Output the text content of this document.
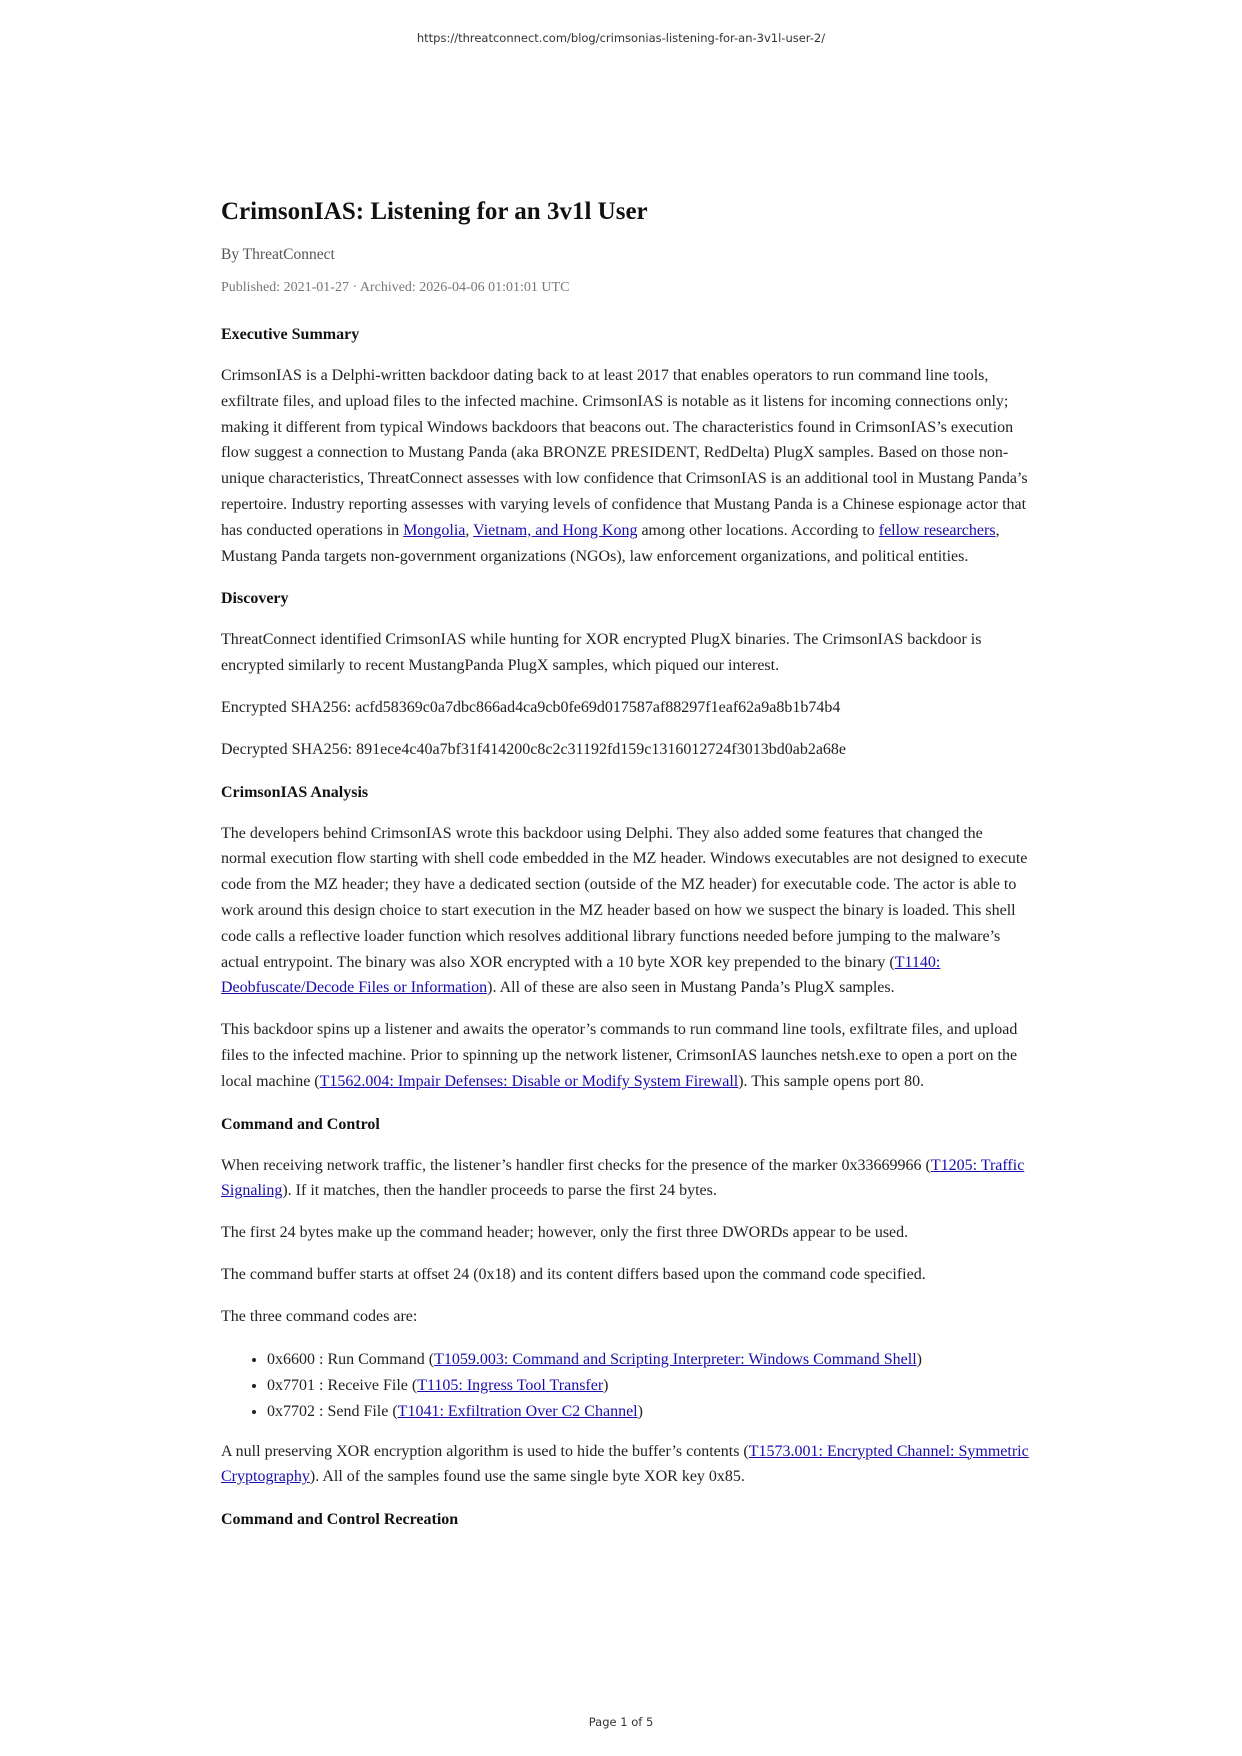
https://threatconnect.com/blog/crimsonias-listening-for-an-3v1l-user-2/
CrimsonIAS: Listening for an 3v1l User
By ThreatConnect
Published: 2021-01-27 · Archived: 2026-04-06 01:01:01 UTC
Executive Summary

CrimsonIAS is a Delphi-written backdoor dating back to at least 2017 that enables operators to run command line tools, exfiltrate files, and upload files to the infected machine. CrimsonIAS is notable as it listens for incoming connections only; making it different from typical Windows backdoors that beacons out. The characteristics found in CrimsonIAS’s execution flow suggest a connection to Mustang Panda (aka BRONZE PRESIDENT, RedDelta) PlugX samples. Based on those non-unique characteristics, ThreatConnect assesses with low confidence that CrimsonIAS is an additional tool in Mustang Panda’s repertoire. Industry reporting assesses with varying levels of confidence that Mustang Panda is a Chinese espionage actor that has conducted operations in Mongolia, Vietnam, and Hong Kong among other locations. According to fellow researchers, Mustang Panda targets non-government organizations (NGOs), law enforcement organizations, and political entities.

Discovery

ThreatConnect identified CrimsonIAS while hunting for XOR encrypted PlugX binaries. The CrimsonIAS backdoor is encrypted similarly to recent MustangPanda PlugX samples, which piqued our interest.

Encrypted SHA256: acfd58369c0a7dbc866ad4ca9cb0fe69d017587af88297f1eaf62a9a8b1b74b4

Decrypted SHA256: 891ece4c40a7bf31f414200c8c2c31192fd159c1316012724f3013bd0ab2a68e

CrimsonIAS Analysis

The developers behind CrimsonIAS wrote this backdoor using Delphi. They also added some features that changed the normal execution flow starting with shell code embedded in the MZ header. Windows executables are not designed to execute code from the MZ header; they have a dedicated section (outside of the MZ header) for executable code. The actor is able to work around this design choice to start execution in the MZ header based on how we suspect the binary is loaded. This shell code calls a reflective loader function which resolves additional library functions needed before jumping to the malware’s actual entrypoint. The binary was also XOR encrypted with a 10 byte XOR key prepended to the binary (T1140: Deobfuscate/Decode Files or Information). All of these are also seen in Mustang Panda’s PlugX samples.

This backdoor spins up a listener and awaits the operator’s commands to run command line tools, exfiltrate files, and upload files to the infected machine. Prior to spinning up the network listener, CrimsonIAS launches netsh.exe to open a port on the local machine (T1562.004: Impair Defenses: Disable or Modify System Firewall). This sample opens port 80.

Command and Control

When receiving network traffic, the listener’s handler first checks for the presence of the marker 0x33669966 (T1205: Traffic Signaling). If it matches, then the handler proceeds to parse the first 24 bytes.

The first 24 bytes make up the command header; however, only the first three DWORDs appear to be used.

The command buffer starts at offset 24 (0x18) and its content differs based upon the command code specified.

The three command codes are:

• 0x6600 : Run Command (T1059.003: Command and Scripting Interpreter: Windows Command Shell)
• 0x7701 : Receive File (T1105: Ingress Tool Transfer)
• 0x7702 : Send File (T1041: Exfiltration Over C2 Channel)

A null preserving XOR encryption algorithm is used to hide the buffer’s contents (T1573.001: Encrypted Channel: Symmetric Cryptography). All of the samples found use the same single byte XOR key 0x85.

Command and Control Recreation
Page 1 of 5
